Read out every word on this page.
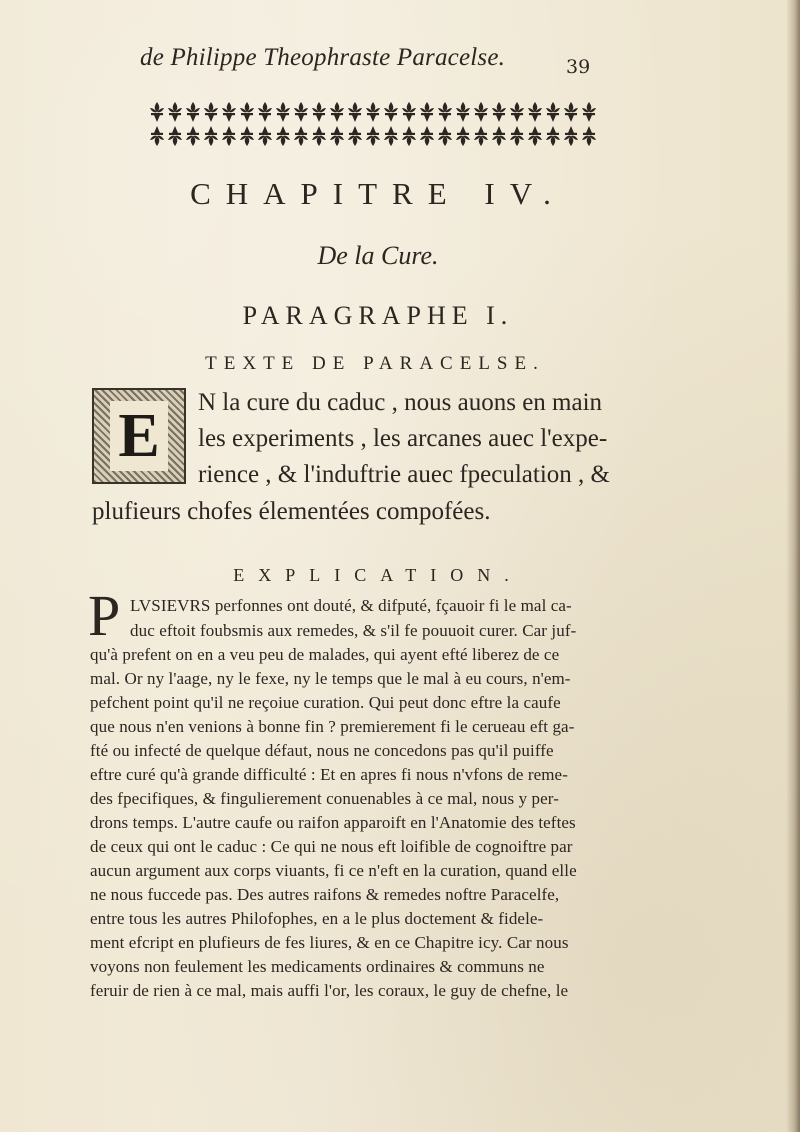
de Philippe Theophraste Paracelse.	39
CHAPITRE IV.
De la Cure.
PARAGRAPHE I.
TEXTE DE PARACELSE.
E	N la cure du caduc , nous auons en main
les experiments , les arcanes auec l'expe-
rience , & l'induftrie auec fpeculation , &
plufieurs chofes élementées compofées.
EXPLICATION.
P LVSIEVRS perfonnes ont douté, & difputé, fçauoir fi le mal ca-
duc eftoit foubsmis aux remedes, & s'il fe pouuoit curer. Car juf-
qu'à prefent on en a veu peu de malades, qui ayent efté liberez de ce
mal. Or ny l'aage, ny le fexe, ny le temps que le mal à eu cours, n'em-
pefchent point qu'il ne reçoiue curation. Qui peut donc eftre la caufe
que nous n'en venions à bonne fin ? premierement fi le cerueau eft ga-
fté ou infecté de quelque défaut, nous ne concedons pas qu'il puiffe
eftre curé qu'à grande difficulté : Et en apres fi nous n'vfons de reme-
des fpecifiques, & fingulierement conuenables à ce mal, nous y per-
drons temps. L'autre caufe ou raifon apparoift en l'Anatomie des teftes
de ceux qui ont le caduc : Ce qui ne nous eft loifible de cognoiftre par
aucun argument aux corps viuants, fi ce n'eft en la curation, quand elle
ne nous fuccede pas. Des autres raifons & remedes noftre Paracelfe,
entre tous les autres Philofophes, en a le plus doctement & fidele-
ment efcript en plufieurs de fes liures, & en ce Chapitre icy. Car nous
voyons non feulement les medicaments ordinaires & communs ne
feruir de rien à ce mal, mais auffi l'or, les coraux, le guy de chefne, le
